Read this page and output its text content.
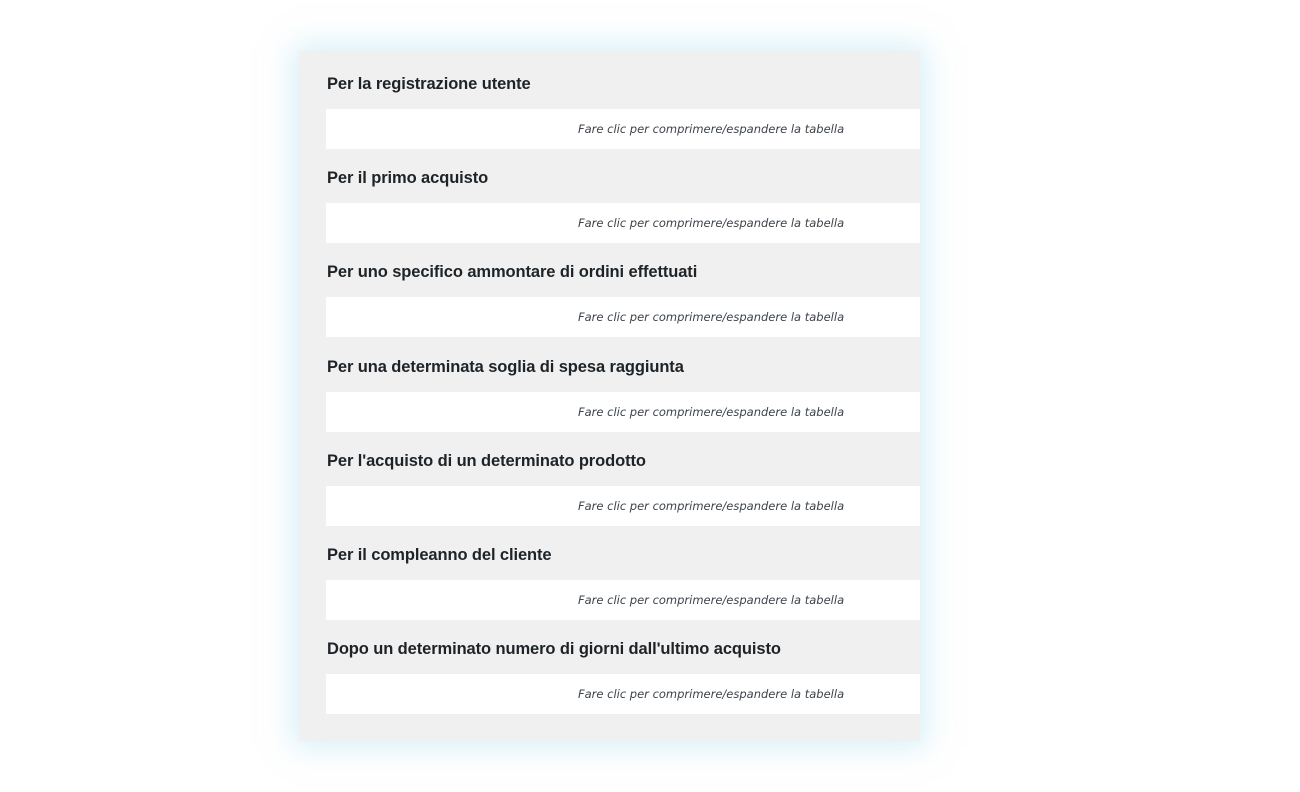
Per la registrazione utente
Fare clic per comprimere/espandere la tabella
Per il primo acquisto
Fare clic per comprimere/espandere la tabella
Per uno specifico ammontare di ordini effettuati
Fare clic per comprimere/espandere la tabella
Per una determinata soglia di spesa raggiunta
Fare clic per comprimere/espandere la tabella
Per l'acquisto di un determinato prodotto
Fare clic per comprimere/espandere la tabella
Per il compleanno del cliente
Fare clic per comprimere/espandere la tabella
Dopo un determinato numero di giorni dall'ultimo acquisto
Fare clic per comprimere/espandere la tabella
